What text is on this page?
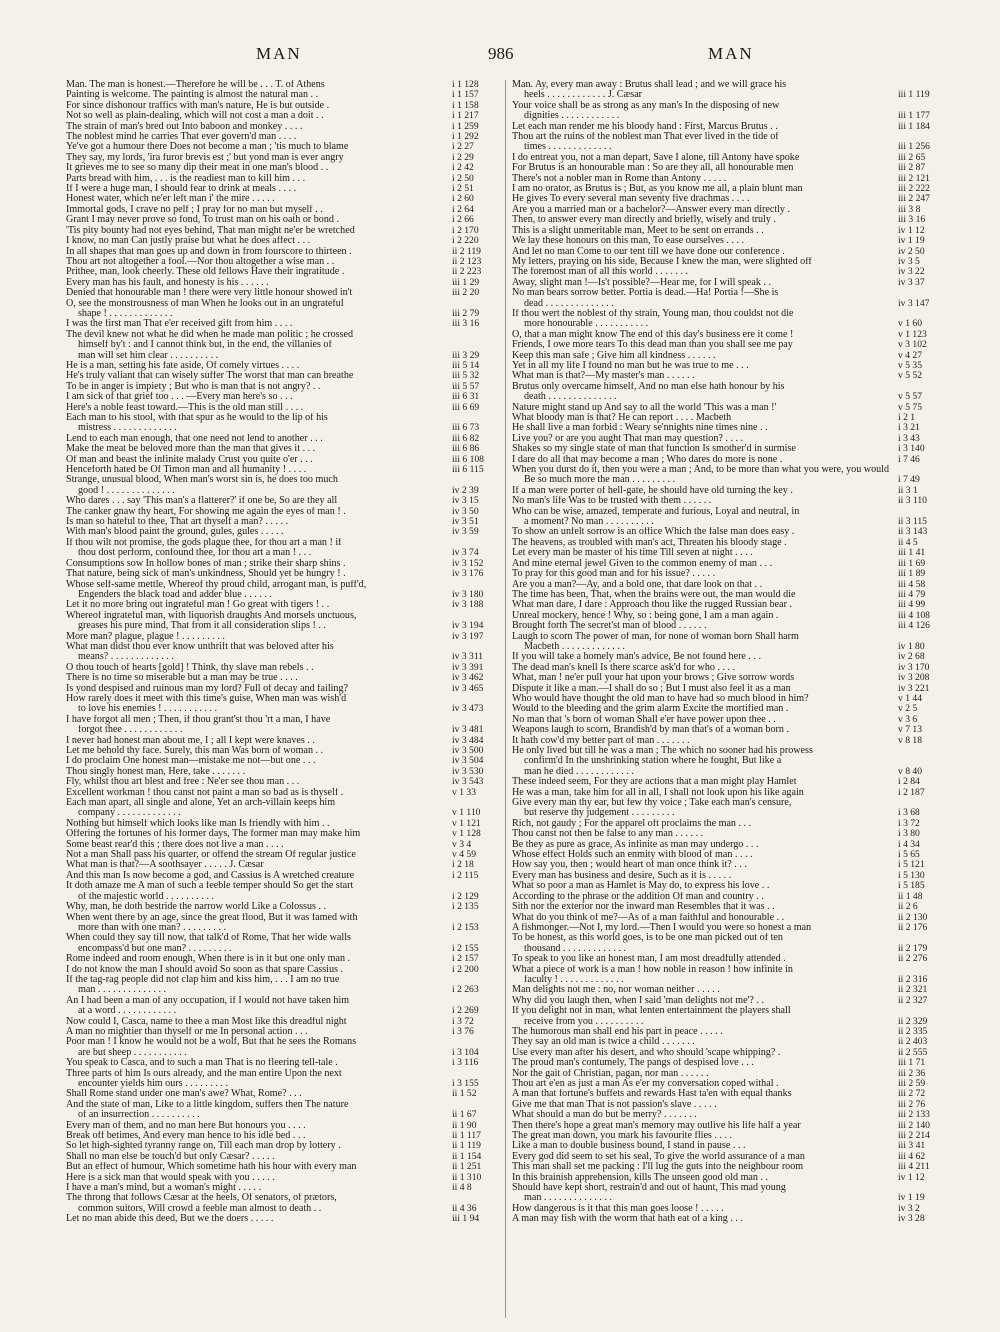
MAN	986	MAN
Man. The man is honest.—Therefore he will be . . . T. of Athens	i 1 128
Painting is welcome. The painting is almost the natural man . .	i 1 157
For since dishonour traffics with man's nature, He is but outside .	i 1 158
Not so well as plain-dealing, which will not cost a man a doit . .	i 1 217
The strain of man's bred out Into baboon and monkey . . . .	i 1 259
The noblest mind he carries That ever govern'd man . . . .	i 1 292
Ye've got a humour there Does not become a man ; 'tis much to blame	i 2 27
They say, my lords, 'ira furor brevis est ;' but yond man is ever angry	i 2 29
It grieves me to see so many dip their meat in one man's blood . .	i 2 42
Parts bread with him, . . . is the readiest man to kill him . . .	i 2 50
If I were a huge man, I should fear to drink at meals . . . .	i 2 51
Honest water, which ne'er left man i' the mire . . . . .	i 2 60
Immortal gods, I crave no pelf ; I pray for no man but myself . .	i 2 64
Grant I may never prove so fond, To trust man on his oath or bond .	i 2 66
'Tis pity bounty had not eyes behind, That man might ne'er be wretched	i 2 170
I know, no man Can justly praise but what he does affect . . .	i 2 220
In all shapes that man goes up and down in from fourscore to thirteen .	ii 2 119
Thou art not altogether a fool.—Nor thou altogether a wise man . .	ii 2 123
Prithee, man, look cheerly. These old fellows Have their ingratitude .	ii 2 223
Every man has his fault, and honesty is his . . . . . .	iii 1 29
Denied that honourable man ! there were very little honour showed in't	iii 2 20
O, see the monstrousness of man When he looks out in an ungrateful
shape ! . . . . . . . . . . . . .	iii 2 79
I was the first man That e'er received gift from him . . . .	iii 3 16
The devil knew not what he did when he made man politic ; he crossed
himself by't : and I cannot think but, in the end, the villanies of
man will set him clear . . . . . . . . . .	iii 3 29
He is a man, setting his fate aside, Of comely virtues . . . .	iii 5 14
He's truly valiant that can wisely suffer The worst that man can breathe	iii 5 32
To be in anger is impiety ; But who is man that is not angry? . .	iii 5 57
I am sick of that grief too . . . —Every man here's so . . .	iii 6 31
Here's a noble feast toward.—This is the old man still . . . .	iii 6 69
Each man to his stool, with that spur as he would to the lip of his
mistress . . . . . . . . . . . . .	iii 6 73
Lend to each man enough, that one need not lend to another . . .	iii 6 82
Make the meat be beloved more than the man that gives it . . .	iii 6 86
Of man and beast the infinite malady Crust you quite o'er . . .	iii 6 108
Henceforth hated be Of Timon man and all humanity ! . . . .	iii 6 115
Strange, unusual blood, When man's worst sin is, he does too much
good ! . . . . . . . . . . . . . .	iv 2 39
Who dares . . . say 'This man's a flatterer?' if one be, So are they all	iv 3 15
The canker gnaw thy heart, For showing me again the eyes of man ! .	iv 3 50
Is man so hateful to thee, That art thyself a man? . . . . .	iv 3 51
With man's blood paint the ground, gules, gules . . . . .	iv 3 59
If thou wilt not promise, the gods plague thee, for thou art a man ! if
thou dost perform, confound thee, for thou art a man ! . . .	iv 3 74
Consumptions sow In hollow bones of man ; strike their sharp shins .	iv 3 152
That nature, being sick of man's unkindness, Should yet be hungry ! .	iv 3 176
Whose self-same mettle, Whereof thy proud child, arrogant man, is puff'd,
Engenders the black toad and adder blue . . . . . .	iv 3 180
Let it no more bring out ingrateful man ! Go great with tigers ! . .	iv 3 188
Whereof ingrateful man, with liquorish draughts And morsels unctuous,
greases his pure mind, That from it all consideration slips ! . .	iv 3 194
More man? plague, plague ! . . . . . . . . .	iv 3 197
What man didst thou ever know unthrift that was beloved after his
means? . . . . . . . . . . . . .	iv 3 311
O thou touch of hearts [gold] ! Think, thy slave man rebels . .	iv 3 391
There is no time so miserable but a man may be true . . . .	iv 3 462
Is yond despised and ruinous man my lord? Full of decay and failing?	iv 3 465
How rarely does it meet with this time's guise, When man was wish'd
to love his enemies ! . . . . . . . . . . .	iv 3 473
I have forgot all men ; Then, if thou grant'st thou 'rt a man, I have
forgot thee . . . . . . . . . . . .	iv 3 481
I never had honest man about me, I ; all I kept were knaves . .	iv 3 484
Let me behold thy face. Surely, this man Was born of woman . .	iv 3 500
I do proclaim One honest man—mistake me not—but one . . .	iv 3 504
Thou singly honest man, Here, take . . . . . . .	iv 3 530
Fly, whilst thou art blest and free : Ne'er see thou man . . .	iv 3 543
Excellent workman ! thou canst not paint a man so bad as is thyself .	v 1 33
Each man apart, all single and alone, Yet an arch-villain keeps him
company . . . . . . . . . . . . .	v 1 110
Nothing but himself which looks like man Is friendly with him . .	v 1 121
Offering the fortunes of his former days, The former man may make him	v 1 128
Some beast rear'd this ; there does not live a man . . . .	v 3 4
Not a man Shall pass his quarter, or offend the stream Of regular justice	v 4 59
What man is that?—A soothsayer . . . . . J. Cæsar	i 2 18
And this man Is now become a god, and Cassius is A wretched creature	i 2 115
It doth amaze me A man of such a feeble temper should So get the start
of the majestic world . . . . . . . . . .	i 2 129
Why, man, he doth bestride the narrow world Like a Colossus . .	i 2 135
When went there by an age, since the great flood, But it was famed with
more than with one man? . . . . . . . . .	i 2 153
When could they say till now, that talk'd of Rome, That her wide walls
encompass'd but one man? . . . . . . . . .	i 2 155
Rome indeed and room enough, When there is in it but one only man .	i 2 157
I do not know the man I should avoid So soon as that spare Cassius .	i 2 200
If the tag-rag people did not clap him and kiss him, . . . I am no true
man . . . . . . . . . . . . . .	i 2 263
An I had been a man of any occupation, if I would not have taken him
at a word . . . . . . . . . . . .	i 2 269
Now could I, Casca, name to thee a man Most like this dreadful night	i 3 72
A man no mightier than thyself or me In personal action . . .	i 3 76
Poor man ! I know he would not be a wolf, But that he sees the Romans
are but sheep . . . . . . . . . . .	i 3 104
You speak to Casca, and to such a man That is no fleering tell-tale .	i 3 116
Three parts of him Is ours already, and the man entire Upon the next
encounter yields him ours . . . . . . . . .	i 3 155
Shall Rome stand under one man's awe? What, Rome? . . .	ii 1 52
And the state of man, Like to a little kingdom, suffers then The nature
of an insurrection . . . . . . . . . .	ii 1 67
Every man of them, and no man here But honours you . . . .	ii 1 90
Break off betimes, And every man hence to his idle bed . . .	ii 1 117
So let high-sighted tyranny range on, Till each man drop by lottery .	ii 1 119
Shall no man else be touch'd but only Cæsar? . . . . .	ii 1 154
But an effect of humour, Which sometime hath his hour with every man	ii 1 251
Here is a sick man that would speak with you . . . . .	ii 1 310
I have a man's mind, but a woman's might . . . . .	ii 4 8
The throng that follows Cæsar at the heels, Of senators, of prætors,
common suitors, Will crowd a feeble man almost to death . .	ii 4 36
Let no man abide this deed, But we the doers . . . . .	iii 1 94
Man. Ay, every man away : Brutus shall lead ; and we will grace his
heels . . . . . . . . . . . . J. Cæsar	iii 1 119
Your voice shall be as strong as any man's In the disposing of new
dignities . . . . . . . . . . . .	iii 1 177
Let each man render me his bloody hand : First, Marcus Brutus . .	iii 1 184
Thou art the ruins of the noblest man That ever lived in the tide of
times . . . . . . . . . . . . .	iii 1 256
I do entreat you, not a man depart, Save I alone, till Antony have spoke	iii 2 65
For Brutus is an honourable man : So are they all, all honourable men	iii 2 87
There's not a nobler man in Rome than Antony . . . . .	iii 2 121
I am no orator, as Brutus is ; But, as you know me all, a plain blunt man	iii 2 222
He gives To every several man seventy five drachmas . . . .	iii 2 247
Are you a married man or a bachelor?—Answer every man directly .	iii 3 8
Then, to answer every man directly and briefly, wisely and truly .	iii 3 16
This is a slight unmeritable man, Meet to be sent on errands . .	iv 1 12
We lay these honours on this man, To ease ourselves . . . .	iv 1 19
And let no man Come to our tent till we have done our conference .	iv 2 50
My letters, praying on his side, Because I knew the man, were slighted off	iv 3 5
The foremost man of all this world . . . . . . .	iv 3 22
Away, slight man !—Is't possible?—Hear me, for I will speak . .	iv 3 37
No man bears sorrow better. Portia is dead.—Ha! Portia !—She is
dead . . . . . . . . . . . . . .	iv 3 147
If thou wert the noblest of thy strain, Young man, thou couldst not die
more honourable . . . . . . . . . . .	v 1 60
O, that a man might know The end of this day's business ere it come !	v 1 123
Friends, I owe more tears To this dead man than you shall see me pay	v 3 102
Keep this man safe ; Give him all kindness . . . . . .	v 4 27
Yet in all my life I found no man but he was true to me . . .	v 5 35
What man is that?—My master's man . . . . . .	v 5 52
Brutus only overcame himself, And no man else hath honour by his
death . . . . . . . . . . . . . .	v 5 57
Nature might stand up And say to all the world 'This was a man !'	v 5 75
What bloody man is that? He can report . . . . Macbeth	i 2 1
He shall live a man forbid : Weary se'nnights nine times nine . .	i 3 21
Live you? or are you aught That man may question? . . . .	i 3 43
Shakes so my single state of man that function Is smother'd in surmise	i 3 140
I dare do all that may become a man ; Who dares do more is none .	i 7 46
When you durst do it, then you were a man ; And, to be more than what you were, you would
Be so much more the man . . . . . . . . .	i 7 49
If a man were porter of hell-gate, he should have old turning the key .	ii 3 1
No man's life Was to be trusted with them . . . . . .	ii 3 110
Who can be wise, amazed, temperate and furious, Loyal and neutral, in
a moment? No man . . . . . . . . . .	ii 3 115
To show an unfelt sorrow is an office Which the false man does easy .	ii 3 143
The heavens, as troubled with man's act, Threaten his bloody stage .	ii 4 5
Let every man be master of his time Till seven at night . . . .	iii 1 41
And mine eternal jewel Given to the common enemy of man . . .	iii 1 69
To pray for this good man and for his issue? . . . . .	iii 1 89
Are you a man?—Ay, and a bold one, that dare look on that . .	iii 4 58
The time has been, That, when the brains were out, the man would die	iii 4 79
What man dare, I dare : Approach thou like the rugged Russian bear .	iii 4 99
Unreal mockery, hence ! Why, so : being gone, I am a man again .	iii 4 108
Brought forth The secret'st man of blood . . . . . .	iii 4 126
Laugh to scorn The power of man, for none of woman born Shall harm
Macbeth . . . . . . . . . . . . .	iv 1 80
If you will take a homely man's advice, Be not found here . . .	iv 2 68
The dead man's knell Is there scarce ask'd for who . . . .	iv 3 170
What, man ! ne'er pull your hat upon your brows ; Give sorrow words	iv 3 208
Dispute it like a man.—I shall do so ; But I must also feel it as a man	iv 3 221
Who would have thought the old man to have had so much blood in him?	v 1 44
Would to the bleeding and the grim alarm Excite the mortified man .	v 2 5
No man that 's born of woman Shall e'er have power upon thee . .	v 3 6
Weapons laugh to scorn, Brandish'd by man that's of a woman born .	v 7 13
It hath cow'd my better part of man . . . . . . .	v 8 18
He only lived but till he was a man ; The which no sooner had his prowess
confirm'd In the unshrinking station where he fought, But like a
man he died . . . . . . . . . . . .	v 8 40
These indeed seem, For they are actions that a man might play Hamlet	i 2 84
He was a man, take him for all in all, I shall not look upon his like again	i 2 187
Give every man thy ear, but few thy voice ; Take each man's censure,
but reserve thy judgement . . . . . . . . .	i 3 68
Rich, not gaudy ; For the apparel oft proclaims the man . . .	i 3 72
Thou canst not then be false to any man . . . . . .	i 3 80
Be they as pure as grace, As infinite as man may undergo . . .	i 4 34
Whose effect Holds such an enmity with blood of man . . . .	i 5 65
How say you, then ; would heart of man once think it? . . .	i 5 121
Every man has business and desire, Such as it is . . . . .	i 5 130
What so poor a man as Hamlet is May do, to express his love . .	i 5 185
According to the phrase or the addition Of man and country . .	ii 1 48
Sith nor the exterior nor the inward man Resembles that it was . .	ii 2 6
What do you think of me?—As of a man faithful and honourable . .	ii 2 130
A fishmonger.—Not I, my lord.—Then I would you were so honest a man	ii 2 176
To be honest, as this world goes, is to be one man picked out of ten
thousand . . . . . . . . . . . . .	ii 2 179
To speak to you like an honest man, I am most dreadfully attended .	ii 2 276
What a piece of work is a man ! how noble in reason ! how infinite in
faculty ! . . . . . . . . . . . . .	ii 2 316
Man delights not me : no, nor woman neither . . . . .	ii 2 321
Why did you laugh then, when I said 'man delights not me'? . .	ii 2 327
If you delight not in man, what lenten entertainment the players shall
receive from you . . . . . . . . . .	ii 2 329
The humorous man shall end his part in peace . . . . .	ii 2 335
They say an old man is twice a child . . . . . . .	ii 2 403
Use every man after his desert, and who should 'scape whipping? .	ii 2 555
The proud man's contumely, The pangs of despised love . . .	iii 1 71
Nor the gait of Christian, pagan, nor man . . . . . .	iii 2 36
Thou art e'en as just a man As e'er my conversation coped withal .	iii 2 59
A man that fortune's buffets and rewards Hast ta'en with equal thanks	iii 2 72
Give me that man That is not passion's slave . . . . .	iii 2 76
What should a man do but be merry? . . . . . . .	iii 2 133
Then there's hope a great man's memory may outlive his life half a year	iii 2 140
The great man down, you mark his favourite flies . . . .	iii 2 214
Like a man to double business bound, I stand in pause . . .	iii 3 41
Every god did seem to set his seal, To give the world assurance of a man	iii 4 62
This man shall set me packing : I'll lug the guts into the neighbour room	iii 4 211
In this brainish apprehension, kills The unseen good old man . .	iv 1 12
Should have kept short, restrain'd and out of haunt, This mad young
man . . . . . . . . . . . . . .	iv 1 19
How dangerous is it that this man goes loose ! . . . . .	iv 3 2
A man may fish with the worm that hath eat of a king . . .	iv 3 28
